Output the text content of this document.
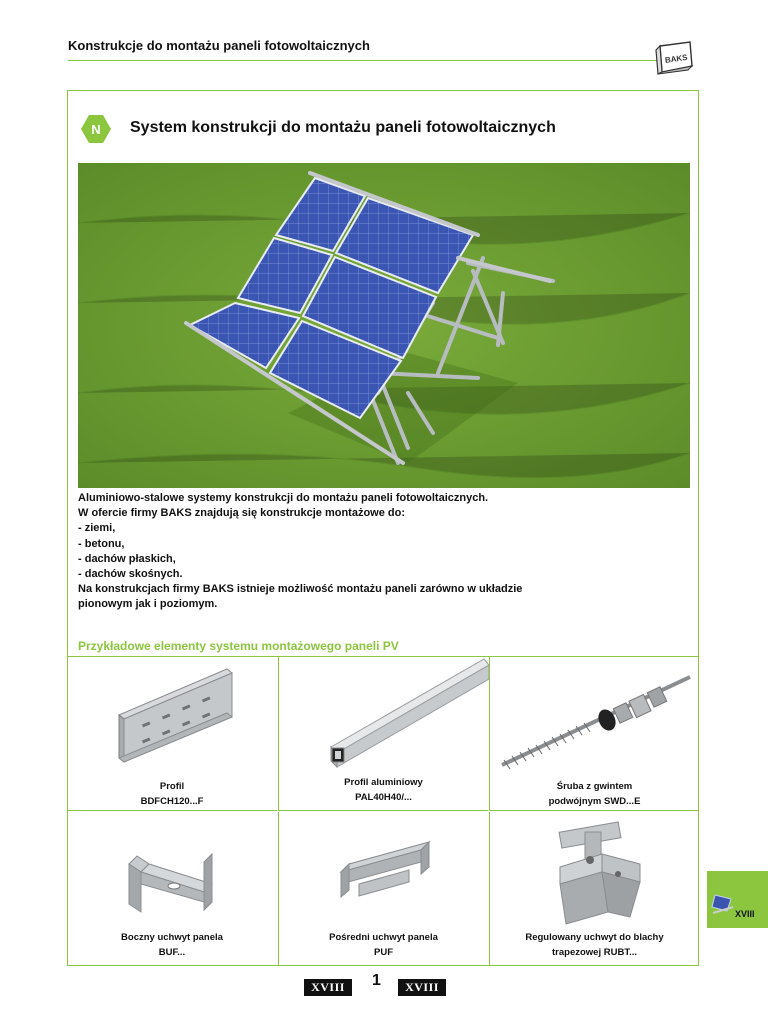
Konstrukcje do montażu paneli fotowoltaicznych
BAKS
N System konstrukcji do montażu paneli fotowoltaicznych
Aluminiowo-stalowe systemy konstrukcji do montażu paneli fotowoltaicznych.
W ofercie firmy BAKS znajdują się konstrukcje montażowe do:
- ziemi,
- betonu,
- dachów płaskich,
- dachów skośnych.
Na konstrukcjach firmy BAKS istnieje możliwość montażu paneli zarówno w układzie
pionowym jak i poziomym.
Przykładowe elementy systemu montażowego paneli PV
Profil
BDFCH120...F
Profil aluminiowy
PAL40H40/...
Śruba z gwintem
podwójnym SWD...E
Boczny uchwyt panela
BUF...
Pośredni uchwyt panela
PUF
Regulowany uchwyt do blachy
trapezowej RUBT...
XVIII
XVIII	1	XVIII
